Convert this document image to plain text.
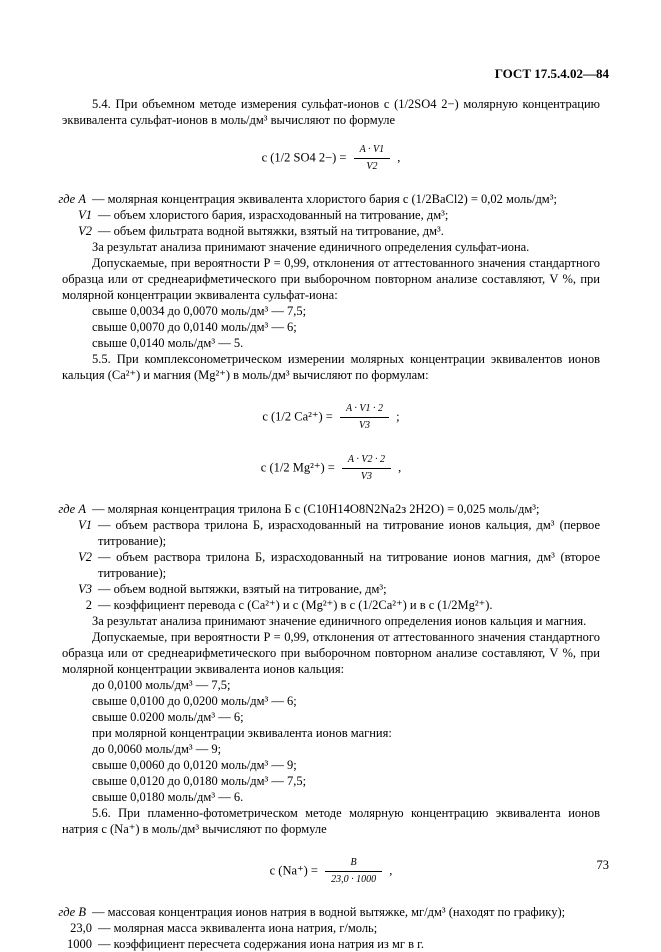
ГОСТ 17.5.4.02—84

5.4. При объемном методе измерения сульфат-ионов c (1/2SO4 2−) молярную концентрацию эквивалента сульфат-ионов в моль/дм³ вычисляют по формуле

c (1/2 SO4 $2-) = \frac{A \cdot V1}{V2}$ ,
где A — молярная концентрация эквивалента хлористого бария c (1/2BaCl2) = 0,02 моль/дм³;
V1 — объем хлористого бария, израсходованный на титрование, дм³;
V2 — объем фильтрата водной вытяжки, взятый на титрование, дм³.

За результат анализа принимают значение единичного определения сульфат-иона.

Допускаемые, при вероятности P = 0,99, отклонения от аттестованного значения стандартного образца или от среднеарифметического при выборочном повторном анализе составляют, V %, при молярной концентрации эквивалента сульфат-иона:

свыше 0,0034 до 0,0070 моль/дм³ — 7,5;

свыше 0,0070 до 0,0140 моль/дм³ — 6;

свыше 0,0140 моль/дм³ — 5.

5.5. При комплексонометрическом измерении молярных концентрации эквивалентов ионов кальция (Ca²⁺) и магния (Mg²⁺) в моль/дм³ вычисляют по формулам:

c (1/2 $Ca^{2+}) = \frac{A \cdot V1 \cdot 2}{V3}$ ;
c (1/2 $Mg^{2+}) = \frac{A \cdot V2 \cdot 2}{V3}$ ,
где A — молярная концентрация трилона Б c (C10H14O8N2Na2з 2H2O) = 0,025 моль/дм³;
V1 — объем раствора трилона Б, израсходованный на титрование ионов кальция, дм³ (первое титрование);
V2 — объем раствора трилона Б, израсходованный на титрование ионов магния, дм³ (второе титрование);
V3 — объем водной вытяжки, взятый на титрование, дм³;
2 — коэффициент перевода c (Ca²⁺) и c (Mg²⁺) в c (1/2Ca²⁺) и в c (1/2Mg²⁺).

За результат анализа принимают значение единичного определения ионов кальция и магния.

Допускаемые, при вероятности P = 0,99, отклонения от аттестованного значения стандартного образца или от среднеарифметического при выборочном повторном анализе составляют, V %, при молярной концентрации эквивалента ионов кальция:

до 0,0100 моль/дм³ — 7,5;

свыше 0,0100 до 0,0200 моль/дм³ — 6;

свыше 0.0200 моль/дм³ — 6;

при молярной концентрации эквивалента ионов магния:

до 0,0060 моль/дм³ — 9;

свыше 0,0060 до 0,0120 моль/дм³ — 9;

свыше 0,0120 до 0,0180 моль/дм³ — 7,5;

свыше 0,0180 моль/дм³ — 6.

5.6. При пламенно-фотометрическом методе молярную концентрацию эквивалента ионов натрия c (Na⁺) в моль/дм³ вычисляют по формуле

c $(Na^+) = \frac{B}{23,0 \cdot 1000}$ ,
где B — массовая концентрация ионов натрия в водной вытяжке, мг/дм³ (находят по графику);
23,0 — молярная масса эквивалента иона натрия, г/моль;
1000 — коэффициент пересчета содержания иона натрия из мг в г.
73
